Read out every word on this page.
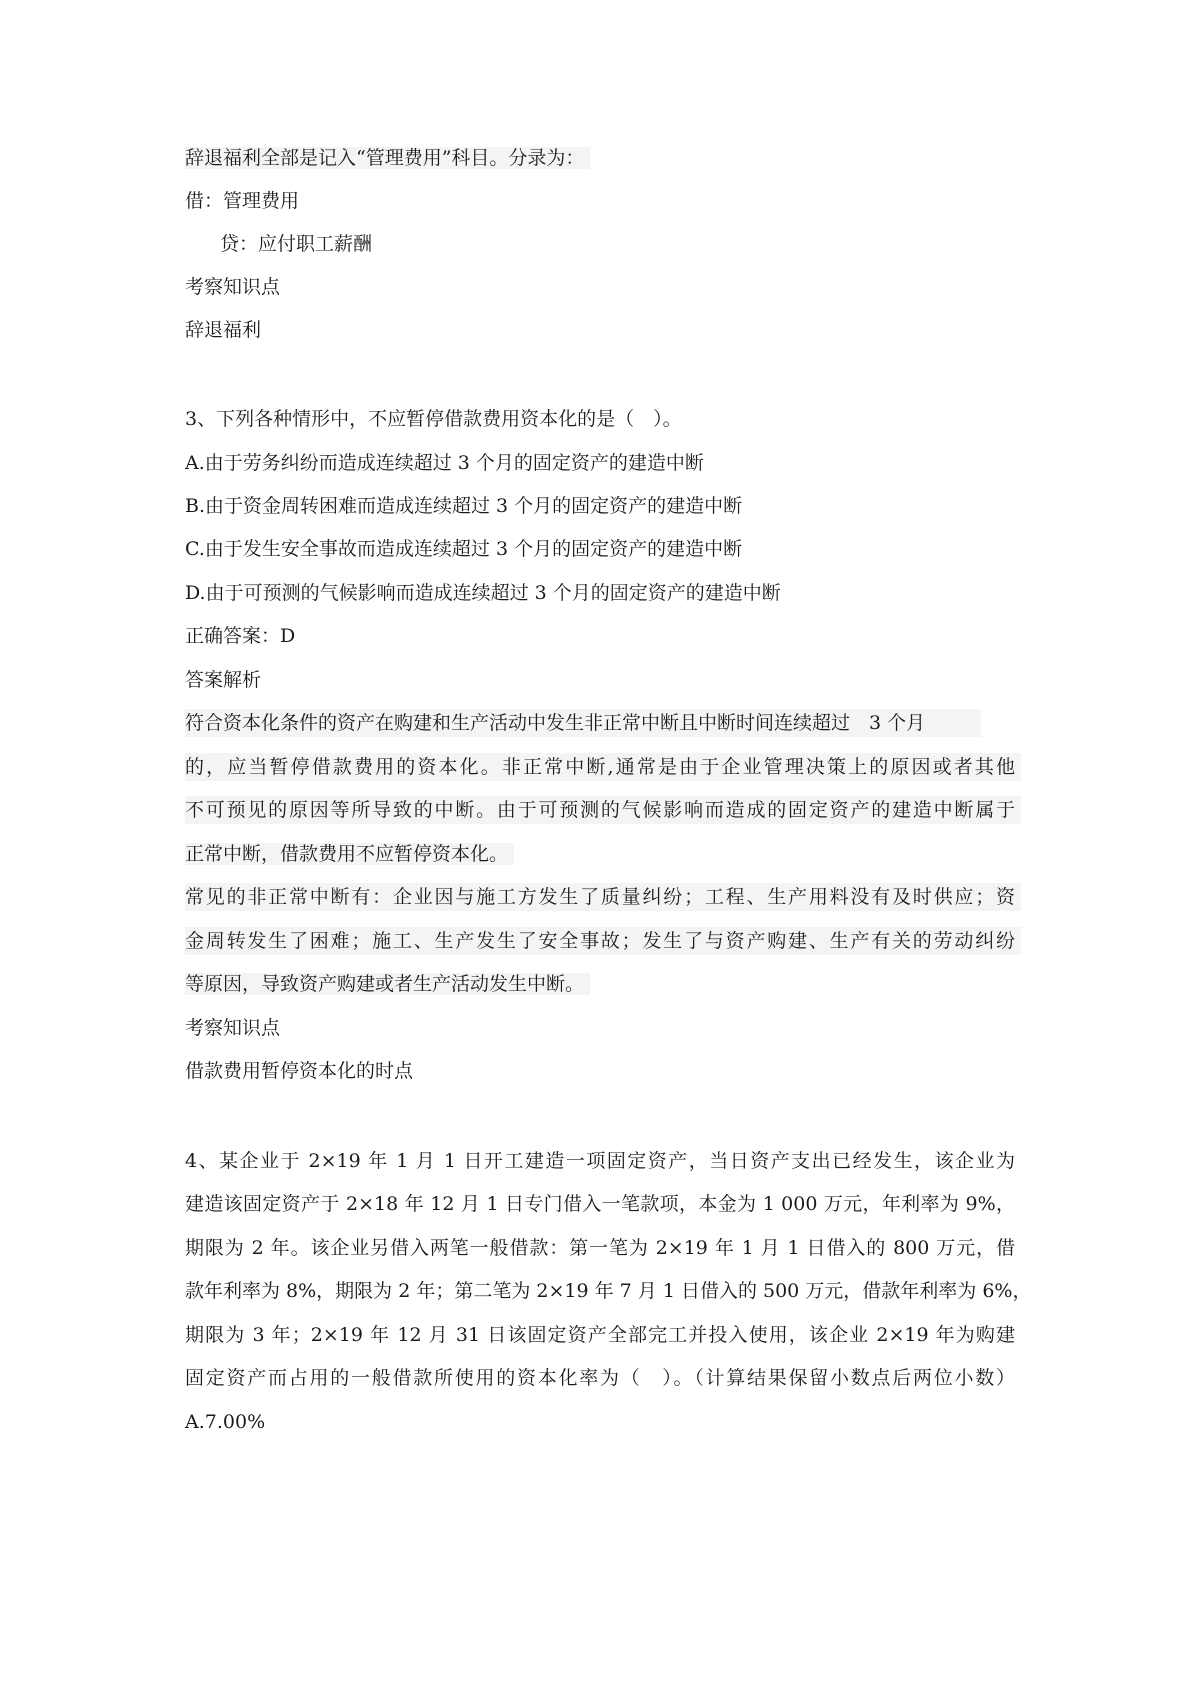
辞退福利全部是记入“管理费用”科目。分录为：

借：管理费用

贷：应付职工薪酬

考察知识点

辞退福利

3、下列各种情形中，不应暂停借款费用资本化的是（　）。

A.由于劳务纠纷而造成连续超过 3 个月的固定资产的建造中断

B.由于资金周转困难而造成连续超过 3 个月的固定资产的建造中断

C.由于发生安全事故而造成连续超过 3 个月的固定资产的建造中断

D.由于可预测的气候影响而造成连续超过 3 个月的固定资产的建造中断

正确答案：D

答案解析

符合资本化条件的资产在购建和生产活动中发生非正常中断且中断时间连续超过　3 个月

的，应当暂停借款费用的资本化。非正常中断,通常是由于企业管理决策上的原因或者其他

不可预见的原因等所导致的中断。由于可预测的气候影响而造成的固定资产的建造中断属于

正常中断，借款费用不应暂停资本化。

常见的非正常中断有：企业因与施工方发生了质量纠纷；工程、生产用料没有及时供应；资

金周转发生了困难；施工、生产发生了安全事故；发生了与资产购建、生产有关的劳动纠纷

等原因，导致资产购建或者生产活动发生中断。

考察知识点

借款费用暂停资本化的时点

4、某企业于 2×19 年 1 月 1 日开工建造一项固定资产，当日资产支出已经发生，该企业为

建造该固定资产于 2×18 年 12 月 1 日专门借入一笔款项，本金为 1 000 万元，年利率为 9%，

期限为 2 年。该企业另借入两笔一般借款：第一笔为 2×19 年 1 月 1 日借入的 800 万元，借

款年利率为 8%，期限为 2 年；第二笔为 2×19 年 7 月 1 日借入的 500 万元，借款年利率为 6%，

期限为 3 年；2×19 年 12 月 31 日该固定资产全部完工并投入使用，该企业 2×19 年为购建

固定资产而占用的一般借款所使用的资本化率为（　）。（计算结果保留小数点后两位小数）

A.7.00%
